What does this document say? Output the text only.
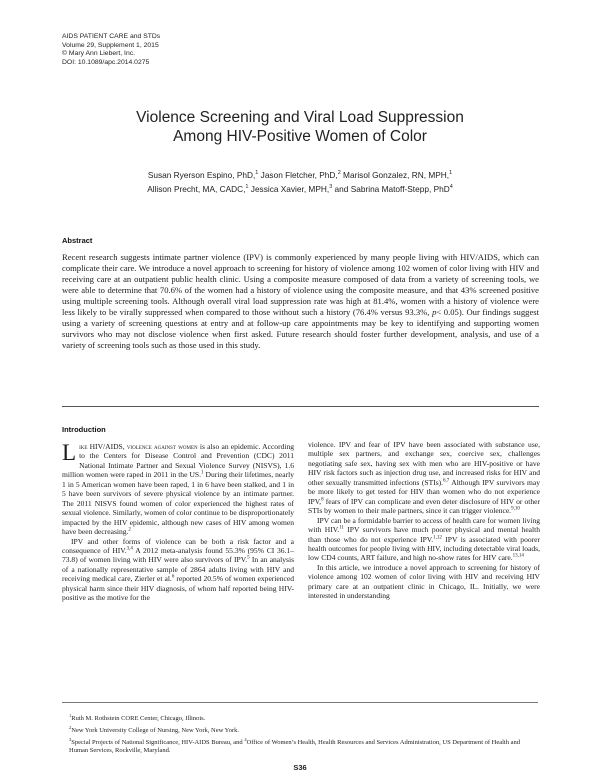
AIDS PATIENT CARE and STDs
Volume 29, Supplement 1, 2015
© Mary Ann Liebert, Inc.
DOI: 10.1089/apc.2014.0275
Violence Screening and Viral Load Suppression
Among HIV-Positive Women of Color
Susan Ryerson Espino, PhD,$^1$ Jason Fletcher, PhD,$^2$ Marisol Gonzalez, RN, MPH,$^1$
Allison Precht, MA, CADC,$^1$ Jessica Xavier, MPH,$^3$ and Sabrina Matoff-Stepp, PhD$^4$
Abstract
Recent research suggests intimate partner violence (IPV) is commonly experienced by many people living with HIV/AIDS, which can complicate their care. We introduce a novel approach to screening for history of violence among 102 women of color living with HIV and receiving care at an outpatient public health clinic. Using a composite measure composed of data from a variety of screening tools, we were able to determine that 70.6% of the women had a history of violence using the composite measure, and that 43% screened positive using multiple screening tools. Although overall viral load suppression rate was high at 81.4%, women with a history of violence were less likely to be virally suppressed when compared to those without such a history (76.4% versus 93.3%, p< 0.05). Our findings suggest using a variety of screening questions at entry and at follow-up care appointments may be key to identifying and supporting women survivors who may not disclose violence when first asked. Future research should foster further development, analysis, and use of a variety of screening tools such as those used in this study.
Introduction

Like HIV/AIDS, violence against women is also an epidemic. According to the Centers for Disease Control and Prevention (CDC) 2011 National Intimate Partner and Sexual Violence Survey (NISVS), 1.6 million women were raped in 2011 in the US.$^1$ During their lifetimes, nearly 1 in 5 American women have been raped, 1 in 6 have been stalked, and 1 in 5 have been survivors of severe physical violence by an intimate partner. The 2011 NISVS found women of color experienced the highest rates of sexual violence. Similarly, women of color continue to be disproportionately impacted by the HIV epidemic, although new cases of HIV among women have been decreasing.$^2$

IPV and other forms of violence can be both a risk factor and a consequence of HIV.$^{3,4}$ A 2012 meta-analysis found 55.3% (95% CI 36.1–73.8) of women living with HIV were also survivors of IPV.$^5$ In an analysis of a nationally representative sample of 2864 adults living with HIV and receiving medical care, Zierler et al.$^6$ reported 20.5% of women experienced physical harm since their HIV diagnosis, of whom half reported being HIV-positive as the motive for the

violence. IPV and fear of IPV have been associated with substance use, multiple sex partners, and exchange sex, coercive sex, challenges negotiating safe sex, having sex with men who are HIV-positive or have HIV risk factors such as injection drug use, and increased risks for HIV and other sexually transmitted infections (STIs).$^{6,7}$ Although IPV survivors may be more likely to get tested for HIV than women who do not experience IPV,$^8$ fears of IPV can complicate and even deter disclosure of HIV or other STIs by women to their male partners, since it can trigger violence.$^{9,10}$

IPV can be a formidable barrier to access of health care for women living with HIV.$^{11}$ IPV survivors have much poorer physical and mental health than those who do not experience IPV.$^{1,12}$ IPV is associated with poorer health outcomes for people living with HIV, including detectable viral loads, low CD4 counts, ART failure, and high no-show rates for HIV care.$^{13,14}$

In this article, we introduce a novel approach to screening for history of violence among 102 women of color living with HIV and receiving HIV primary care at an outpatient clinic in Chicago, IL. Initially, we were interested in understanding

$^1$Ruth M. Rothstein CORE Center, Chicago, Illinois.
$^2$New York University College of Nursing, New York, New York.
$^3$Special Projects of National Significance, HIV-AIDS Bureau, and $^4$Office of Women’s Health, Health Resources and Services Administration, US Department of Health and Human Services, Rockville, Maryland.
S36
